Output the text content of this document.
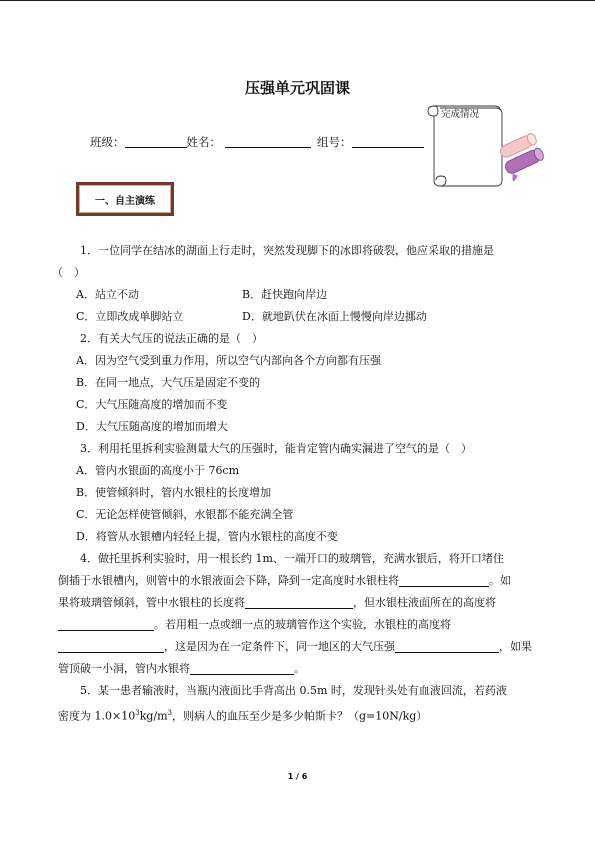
压强单元巩固课
班级：	姓名：	组号：
完成情况
一、自主演练

1．一位同学在结冰的湖面上行走时，突然发现脚下的冰即将破裂，他应采取的措施是

（　）

A．站立不动	B．赶快跑向岸边
C．立即改成单脚站立	D．就地趴伏在冰面上慢慢向岸边挪动

2．有关大气压的说法正确的是（　）

A．因为空气受到重力作用，所以空气内部向各个方向都有压强

B．在同一地点，大气压是固定不变的

C．大气压随高度的增加而不变

D．大气压随高度的增加而增大

3．利用托里拆利实验测量大气的压强时，能肯定管内确实漏进了空气的是（　）

A．管内水银面的高度小于 76cm

B．使管倾斜时，管内水银柱的长度增加

C．无论怎样使管倾斜，水银都不能充满全管

D．将管从水银槽内轻轻上提，管内水银柱的高度不变

4．做托里拆利实验时，用一根长约 1m、一端开口的玻璃管，充满水银后，将开口堵住

倒插于水银槽内，则管中的水银液面会下降，降到一定高度时水银柱将	。如

果将玻璃管倾斜，管中水银柱的长度将	，但水银柱液面所在的高度将

。若用粗一点或细一点的玻璃管作这个实验，水银柱的高度将

，这是因为在一定条件下，同一地区的大气压强	，如果

管顶破一小洞，管内水银将	。

5．某一患者输液时，当瓶内液面比手背高出 0.5m 时，发现针头处有血液回流，若药液

密度为 $1.0\times 10^3kg/m^3$，则病人的血压至少是多少帕斯卡？（g=10N/kg）

1 / 6
